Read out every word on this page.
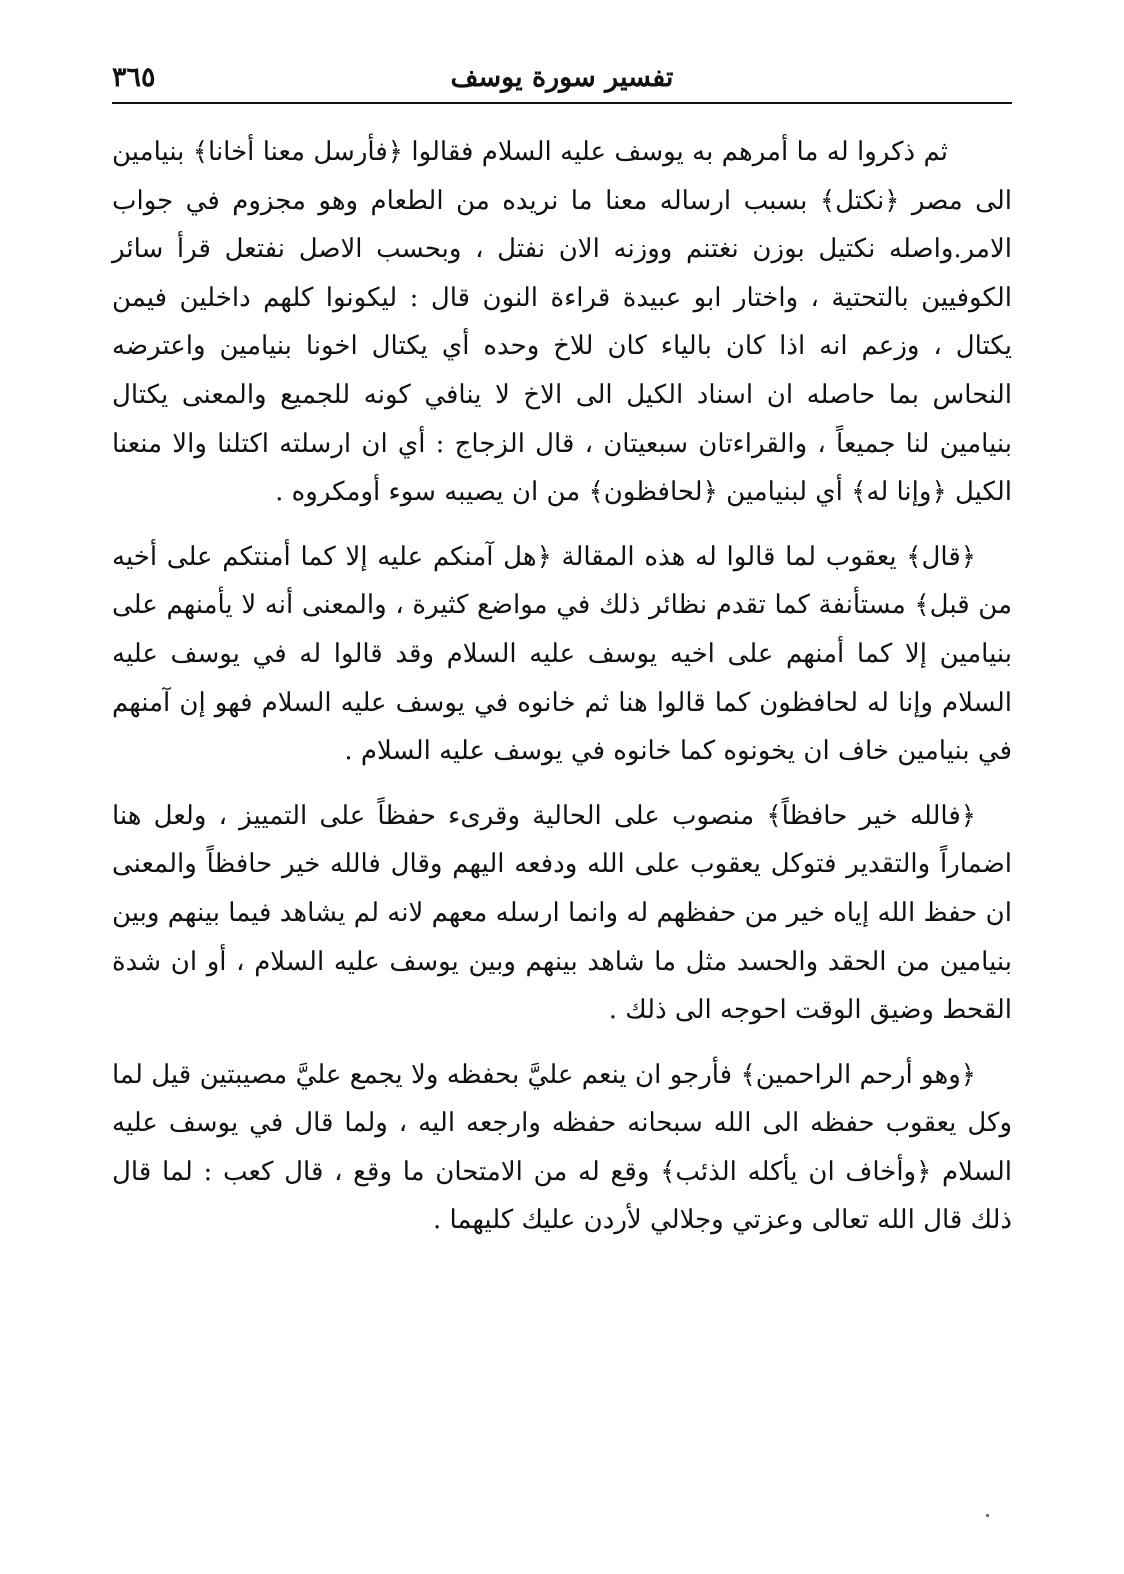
تفسير سورة يوسف
٣٦٥

ثم ذكروا له ما أمرهم به يوسف عليه السلام فقالوا ﴿فأرسل معنا أخانا﴾ بنيامين الى مصر ﴿نكتل﴾ بسبب ارساله معنا ما نريده من الطعام وهو مجزوم في جواب الامر.واصله نكتيل بوزن نغتنم ووزنه الان نفتل ، وبحسب الاصل نفتعل قرأ سائر الكوفيين بالتحتية ، واختار ابو عبيدة قراءة النون قال : ليكونوا كلهم داخلين فيمن يكتال ، وزعم انه اذا كان بالياء كان للاخ وحده أي يكتال اخونا بنيامين واعترضه النحاس بما حاصله ان اسناد الكيل الى الاخ لا ينافي كونه للجميع والمعنى يكتال بنيامين لنا جميعاً ، والقراءتان سبعيتان ، قال الزجاج : أي ان ارسلته اكتلنا والا منعنا الكيل ﴿وإنا له﴾ أي لبنيامين ﴿لحافظون﴾ من ان يصيبه سوء أومكروه .

﴿قال﴾ يعقوب لما قالوا له هذه المقالة ﴿هل آمنكم عليه إلا كما أمنتكم على أخيه من قبل﴾ مستأنفة كما تقدم نظائر ذلك في مواضع كثيرة ، والمعنى أنه لا يأمنهم على بنيامين إلا كما أمنهم على اخيه يوسف عليه السلام وقد قالوا له في يوسف عليه السلام وإنا له لحافظون كما قالوا هنا ثم خانوه في يوسف عليه السلام فهو إن آمنهم في بنيامين خاف ان يخونوه كما خانوه في يوسف عليه السلام .

﴿فالله خير حافظاً﴾ منصوب على الحالية وقرىء حفظاً على التمييز ، ولعل هنا اضماراً والتقدير فتوكل يعقوب على الله ودفعه اليهم وقال فالله خير حافظاً والمعنى ان حفظ الله إياه خير من حفظهم له وانما ارسله معهم لانه لم يشاهد فيما بينهم وبين بنيامين من الحقد والحسد مثل ما شاهد بينهم وبين يوسف عليه السلام ، أو ان شدة القحط وضيق الوقت احوجه الى ذلك .

﴿وهو أرحم الراحمين﴾ فأرجو ان ينعم عليَّ بحفظه ولا يجمع عليَّ مصيبتين قيل لما وكل يعقوب حفظه الى الله سبحانه حفظه وارجعه اليه ، ولما قال في يوسف عليه السلام ﴿وأخاف ان يأكله الذئب﴾ وقع له من الامتحان ما وقع ، قال كعب : لما قال ذلك قال الله تعالى وعزتي وجلالي لأردن عليك كليهما .
